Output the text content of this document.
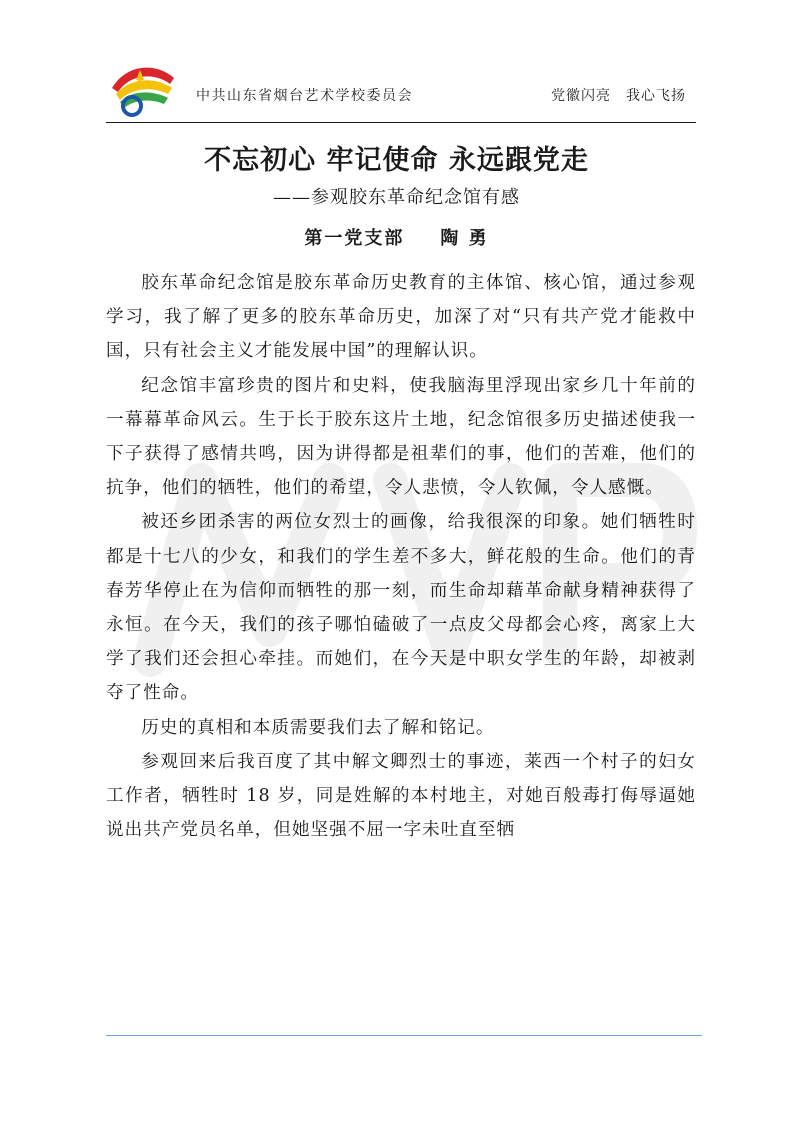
中共山东省烟台艺术学校委员会	党徽闪亮　我心飞扬
不忘初心 牢记使命 永远跟党走
——参观胶东革命纪念馆有感
第一党支部 陶 勇

胶东革命纪念馆是胶东革命历史教育的主体馆、核心馆，通过参观学习，我了解了更多的胶东革命历史，加深了对“只有共产党才能救中国，只有社会主义才能发展中国”的理解认识。

纪念馆丰富珍贵的图片和史料，使我脑海里浮现出家乡几十年前的一幕幕革命风云。生于长于胶东这片土地，纪念馆很多历史描述使我一下子获得了感情共鸣，因为讲得都是祖辈们的事，他们的苦难，他们的抗争，他们的牺牲，他们的希望，令人悲愤，令人钦佩，令人感慨。

被还乡团杀害的两位女烈士的画像，给我很深的印象。她们牺牲时都是十七八的少女，和我们的学生差不多大，鲜花般的生命。他们的青春芳华停止在为信仰而牺牲的那一刻，而生命却藉革命献身精神获得了永恒。在今天，我们的孩子哪怕磕破了一点皮父母都会心疼，离家上大学了我们还会担心牵挂。而她们，在今天是中职女学生的年龄，却被剥夺了性命。

历史的真相和本质需要我们去了解和铭记。

参观回来后我百度了其中解文卿烈士的事迹，莱西一个村子的妇女工作者，牺牲时 18 岁，同是姓解的本村地主，对她百般毒打侮辱逼她说出共产党员名单，但她坚强不屈一字未吐直至牺
